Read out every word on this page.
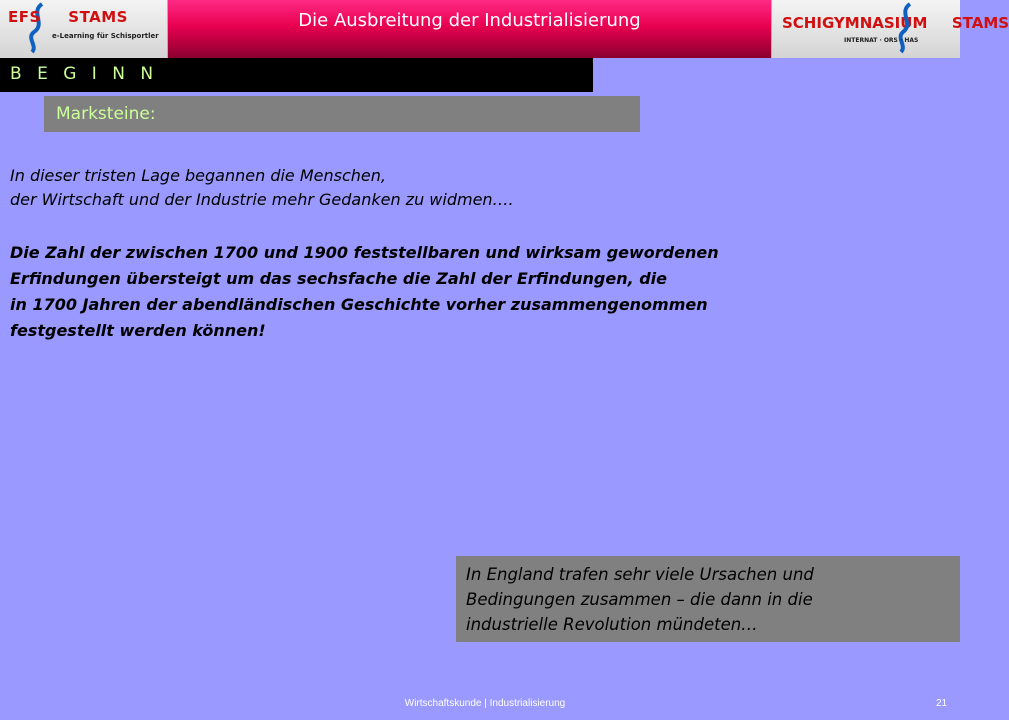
EFS STAMS
e-Learning für Schisportler
Die Ausbreitung der Industrialisierung	SCHIGYMNASIUM STAMS
INTERNAT · ORS · HAS
B E G I N N
Marksteine:
In dieser tristen Lage begannen die Menschen,
der Wirtschaft und der Industrie mehr Gedanken zu widmen….
Die Zahl der zwischen 1700 und 1900 feststellbaren und wirksam gewordenen
Erfindungen übersteigt um das sechsfache die Zahl der Erfindungen, die
in 1700 Jahren der abendländischen Geschichte vorher zusammengenommen
festgestellt werden können!
In England trafen sehr viele Ursachen und
Bedingungen zusammen – die dann in die
industrielle Revolution mündeten…
Wirtschaftskunde | Industrialisierung	21
